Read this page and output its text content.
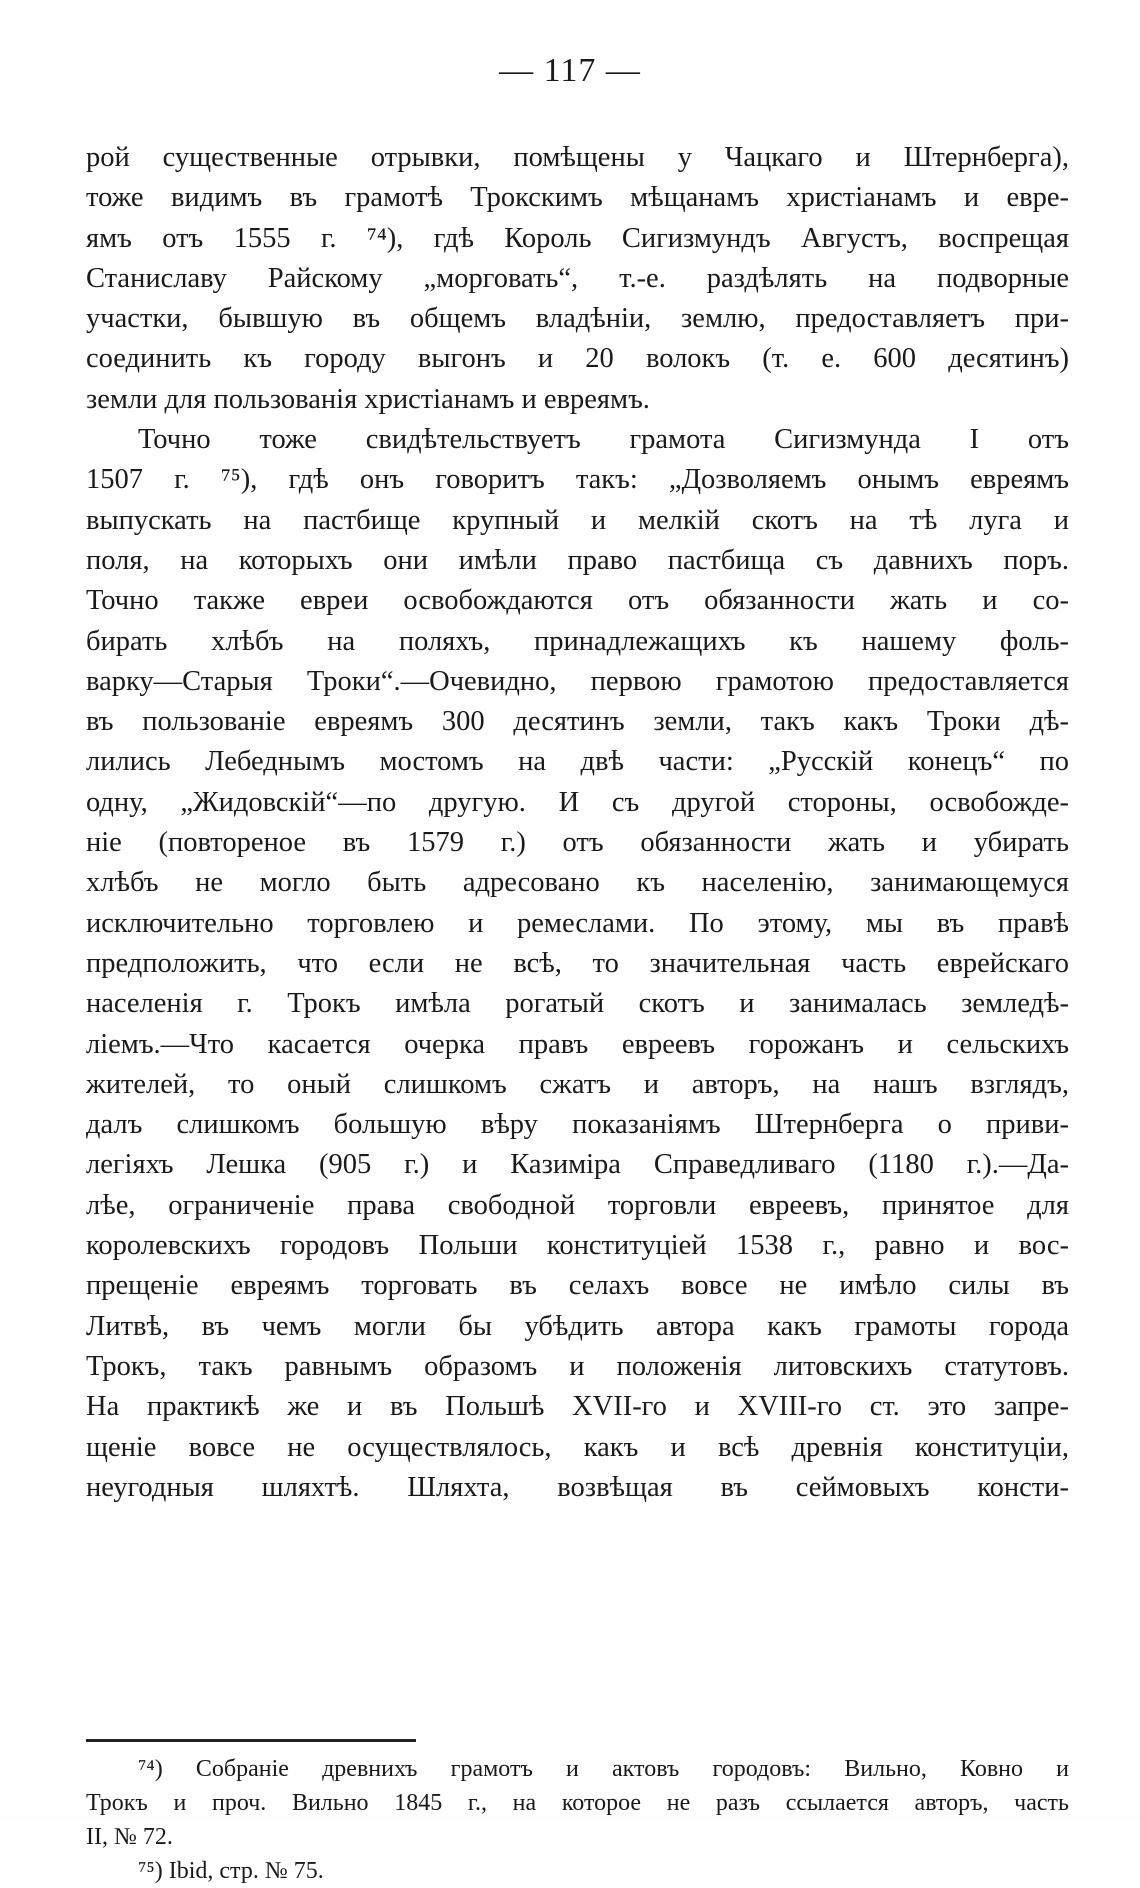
— 117 —
рой существенные отрывки, помѣщены у Чацкаго и Штернберга),
тоже видимъ въ грамотѣ Трокскимъ мѣщанамъ христіанамъ и евре-
ямъ отъ 1555 г. ⁷⁴), гдѣ Король Сигизмундъ Августъ, воспрещая
Станиславу Райскому „морговать“, т.-е. раздѣлять на подворные
участки, бывшую въ общемъ владѣніи, землю, предоставляетъ при-
соединить къ городу выгонъ и 20 волокъ (т. е. 600 десятинъ)
земли для пользованія христіанамъ и евреямъ.
Точно тоже свидѣтельствуетъ грамота Сигизмунда I отъ
1507 г. ⁷⁵), гдѣ онъ говоритъ такъ: „Дозволяемъ онымъ евреямъ
выпускать на пастбище крупный и мелкій скотъ на тѣ луга и
поля, на которыхъ они имѣли право пастбища съ давнихъ поръ.
Точно также евреи освобождаются отъ обязанности жать и со-
бирать хлѣбъ на поляхъ, принадлежащихъ къ нашему фоль-
варку—Старыя Троки“.—Очевидно, первою грамотою предоставляется
въ пользованіе евреямъ 300 десятинъ земли, такъ какъ Троки дѣ-
лились Лебеднымъ мостомъ на двѣ части: „Русскій конецъ“ по
одну, „Жидовскій“—по другую. И съ другой стороны, освобожде-
ніе (повтореное въ 1579 г.) отъ обязанности жать и убирать
хлѣбъ не могло быть адресовано къ населенію, занимающемуся
исключительно торговлею и ремеслами. По этому, мы въ правѣ
предположить, что если не всѣ, то значительная часть еврейскаго
населенія г. Трокъ имѣла рогатый скотъ и занималась земледѣ-
ліемъ.—Что касается очерка правъ евреевъ горожанъ и сельскихъ
жителей, то оный слишкомъ сжатъ и авторъ, на нашъ взглядъ,
далъ слишкомъ большую вѣру показаніямъ Штернберга о приви-
легіяхъ Лешка (905 г.) и Казиміра Справедливаго (1180 г.).—Да-
лѣе, ограниченіе права свободной торговли евреевъ, принятое для
королевскихъ городовъ Польши конституціей 1538 г., равно и вос-
прещеніе евреямъ торговать въ селахъ вовсе не имѣло силы въ
Литвѣ, въ чемъ могли бы убѣдить автора какъ грамоты города
Трокъ, такъ равнымъ образомъ и положенія литовскихъ статутовъ.
На практикѣ же и въ Польшѣ XVII-го и XVIII-го ст. это запре-
щеніе вовсе не осуществлялось, какъ и всѣ древнія конституціи,
неугодныя шляхтѣ. Шляхта, возвѣщая въ сеймовыхъ консти-
⁷⁴) Собраніе древнихъ грамотъ и актовъ городовъ: Вильно, Ковно и
Трокъ и проч. Вильно 1845 г., на которое не разъ ссылается авторъ, часть
II, № 72.
⁷⁵) Ibid, стр. № 75.
